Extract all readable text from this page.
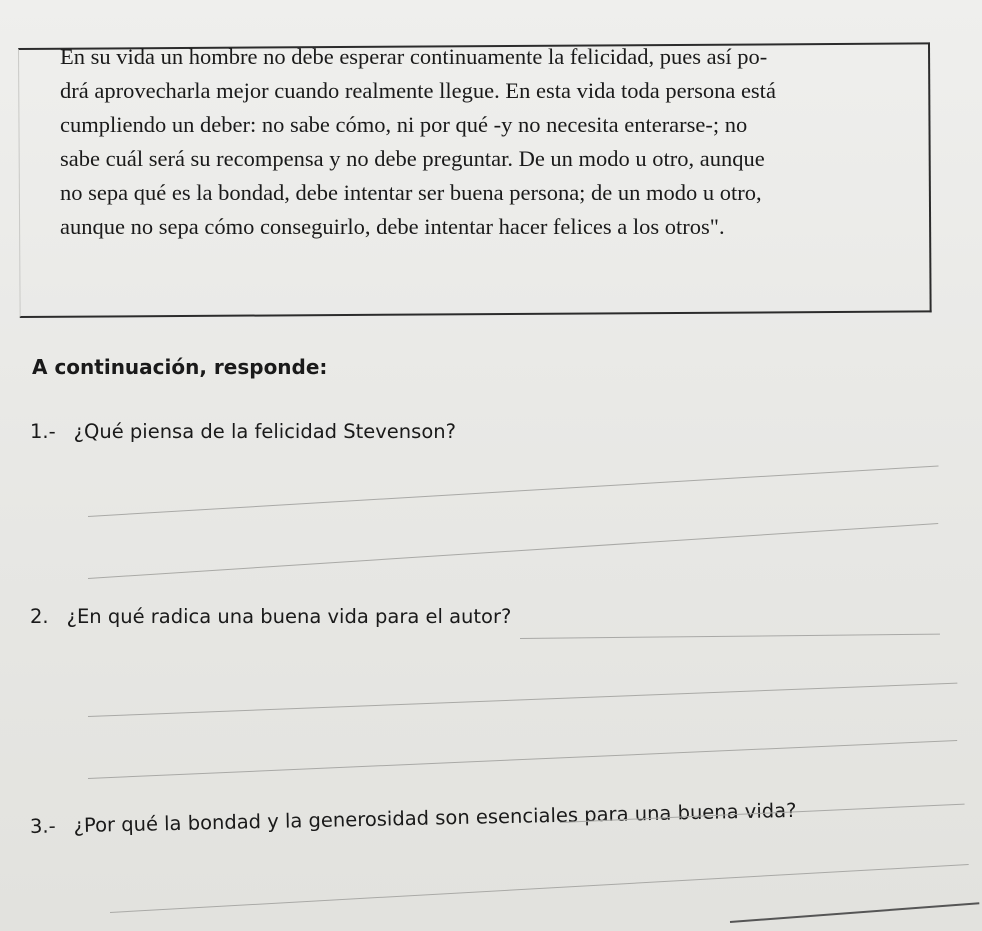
En su vida un hombre no debe esperar continuamente la felicidad, pues así po-
drá aprovecharla mejor cuando realmente llegue. En esta vida toda persona está
cumpliendo un deber: no sabe cómo, ni por qué -y no necesita enterarse-; no
sabe cuál será su recompensa y no debe preguntar. De un modo u otro, aunque
no sepa qué es la bondad, debe intentar ser buena persona; de un modo u otro,
aunque no sepa cómo conseguirlo, debe intentar hacer felices a los otros".
A continuación, responde:
1.- ¿Qué piensa de la felicidad Stevenson?
2. ¿En qué radica una buena vida para el autor?
3.- ¿Por qué la bondad y la generosidad son esenciales para una buena vida?
